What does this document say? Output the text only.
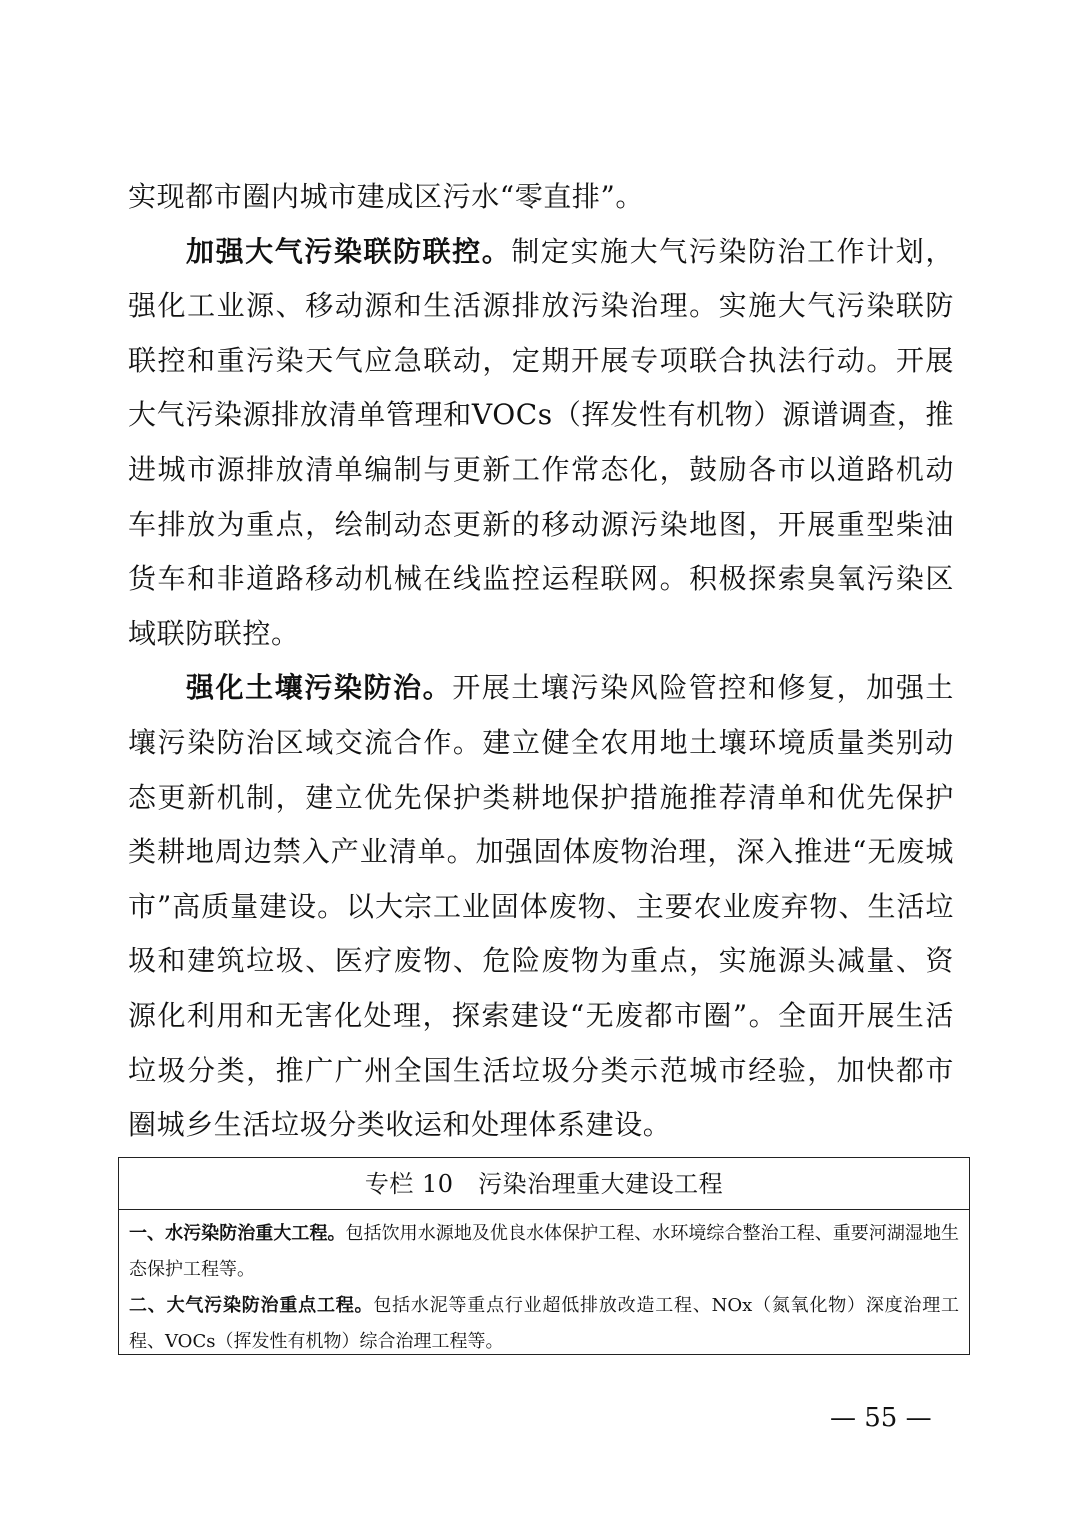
实现都市圈内城市建成区污水“零直排”。

加强大气污染联防联控。制定实施大气污染防治工作计划，强化工业源、移动源和生活源排放污染治理。实施大气污染联防联控和重污染天气应急联动，定期开展专项联合执法行动。开展大气污染源排放清单管理和VOCs（挥发性有机物）源谱调查，推进城市源排放清单编制与更新工作常态化，鼓励各市以道路机动车排放为重点，绘制动态更新的移动源污染地图，开展重型柴油货车和非道路移动机械在线监控运程联网。积极探索臭氧污染区域联防联控。

强化土壤污染防治。开展土壤污染风险管控和修复，加强土壤污染防治区域交流合作。建立健全农用地土壤环境质量类别动态更新机制，建立优先保护类耕地保护措施推荐清单和优先保护类耕地周边禁入产业清单。加强固体废物治理，深入推进“无废城市”高质量建设。以大宗工业固体废物、主要农业废弃物、生活垃圾和建筑垃圾、医疗废物、危险废物为重点，实施源头减量、资源化利用和无害化处理，探索建设“无废都市圈”。全面开展生活垃圾分类，推广广州全国生活垃圾分类示范城市经验，加快都市圈城乡生活垃圾分类收运和处理体系建设。

专栏 10　污染治理重大建设工程

一、水污染防治重大工程。包括饮用水源地及优良水体保护工程、水环境综合整治工程、重要河湖湿地生态保护工程等。

二、大气污染防治重点工程。包括水泥等重点行业超低排放改造工程、NOx（氮氧化物）深度治理工程、VOCs（挥发性有机物）综合治理工程等。

— 55 —
